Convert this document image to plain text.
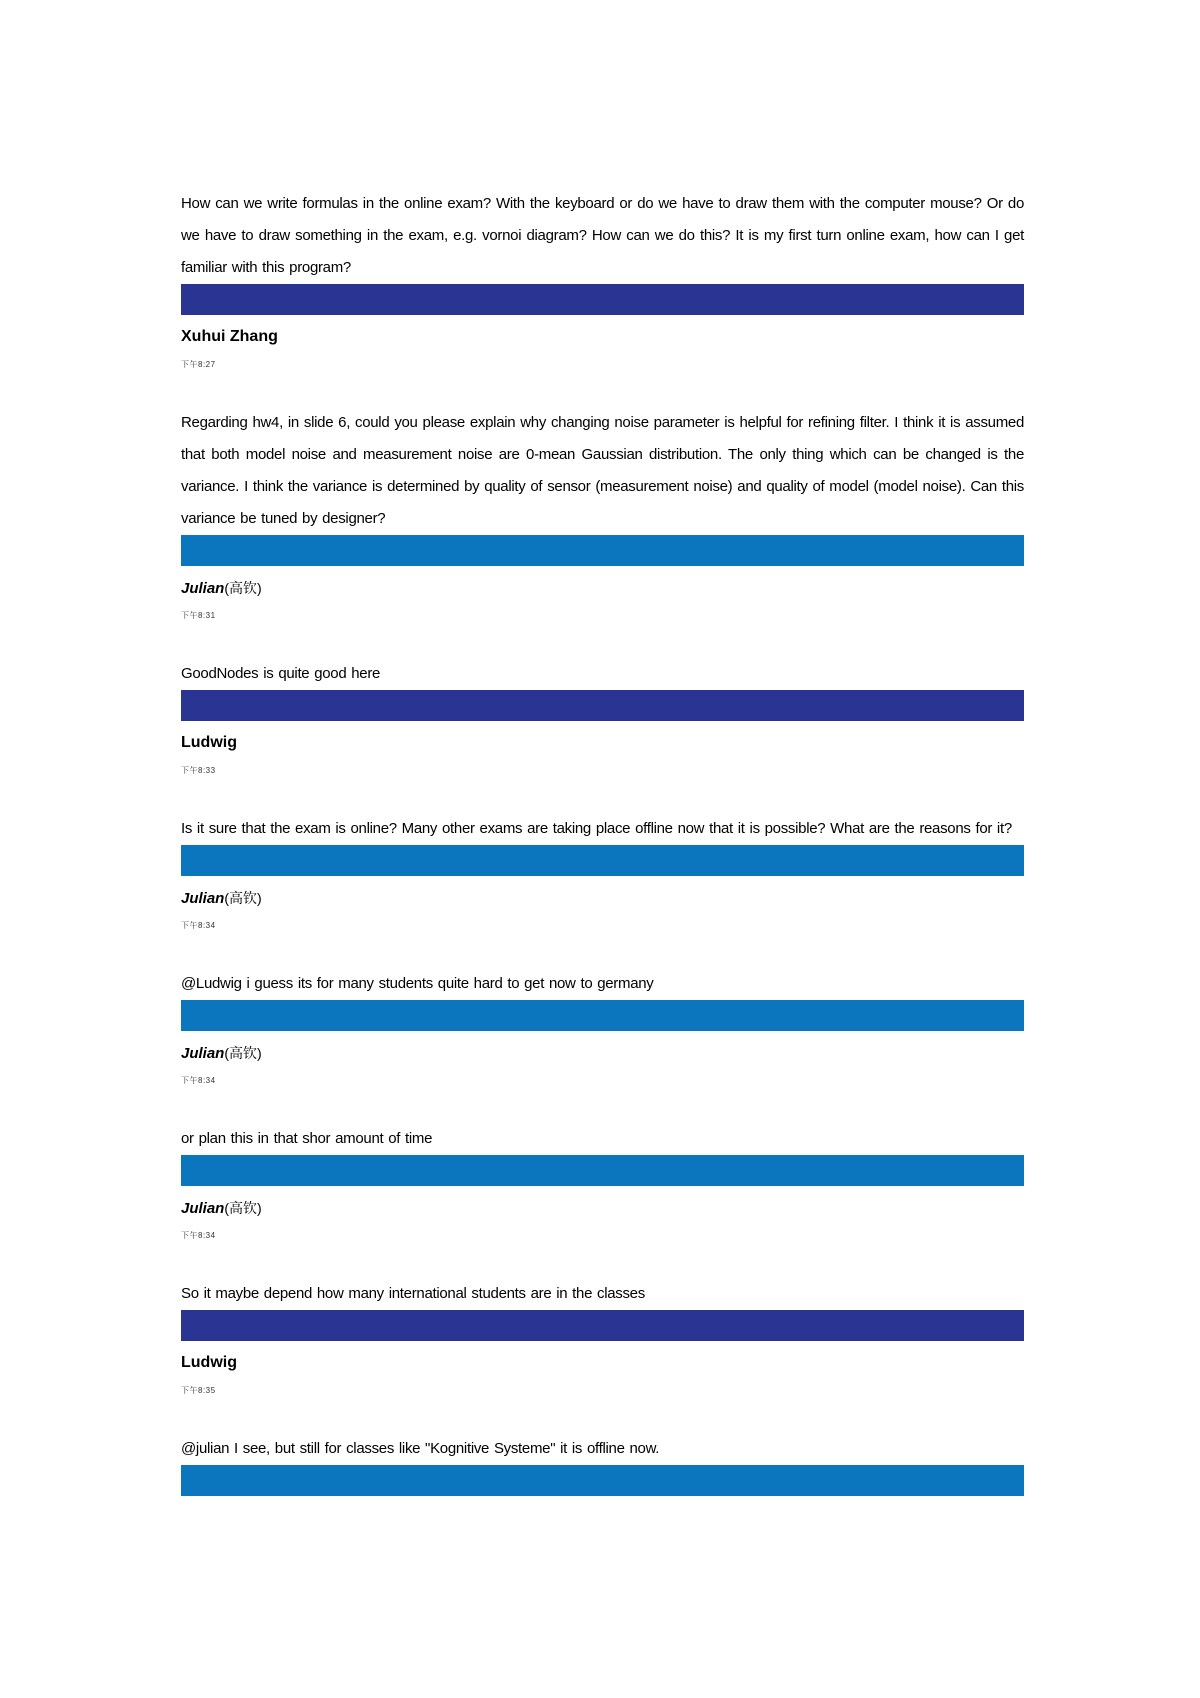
How can we write formulas in the online exam? With the keyboard or do we have to draw them with the computer mouse? Or do we have to draw something in the exam, e.g. vornoi diagram? How can we do this? It is my first turn online exam, how can I get familiar with this program?
Xuhui Zhang
下午8:27
Regarding hw4, in slide 6, could you please explain why changing noise parameter is helpful for refining filter. I think it is assumed that both model noise and measurement noise are 0-mean Gaussian distribution. The only thing which can be changed is the variance. I think the variance is determined by quality of sensor (measurement noise) and quality of model (model noise). Can this variance be tuned by designer?
Julian(高钦)
下午8:31
GoodNodes is quite good here
Ludwig
下午8:33
Is it sure that the exam is online? Many other exams are taking place offline now that it is possible? What are the reasons for it?
Julian(高钦)
下午8:34
@Ludwig i guess its for many students quite hard to get now to germany
Julian(高钦)
下午8:34
or plan this in that shor amount of time
Julian(高钦)
下午8:34
So it maybe depend how many international students are in the classes
Ludwig
下午8:35
@julian I see, but still for classes like "Kognitive Systeme" it is offline now.
